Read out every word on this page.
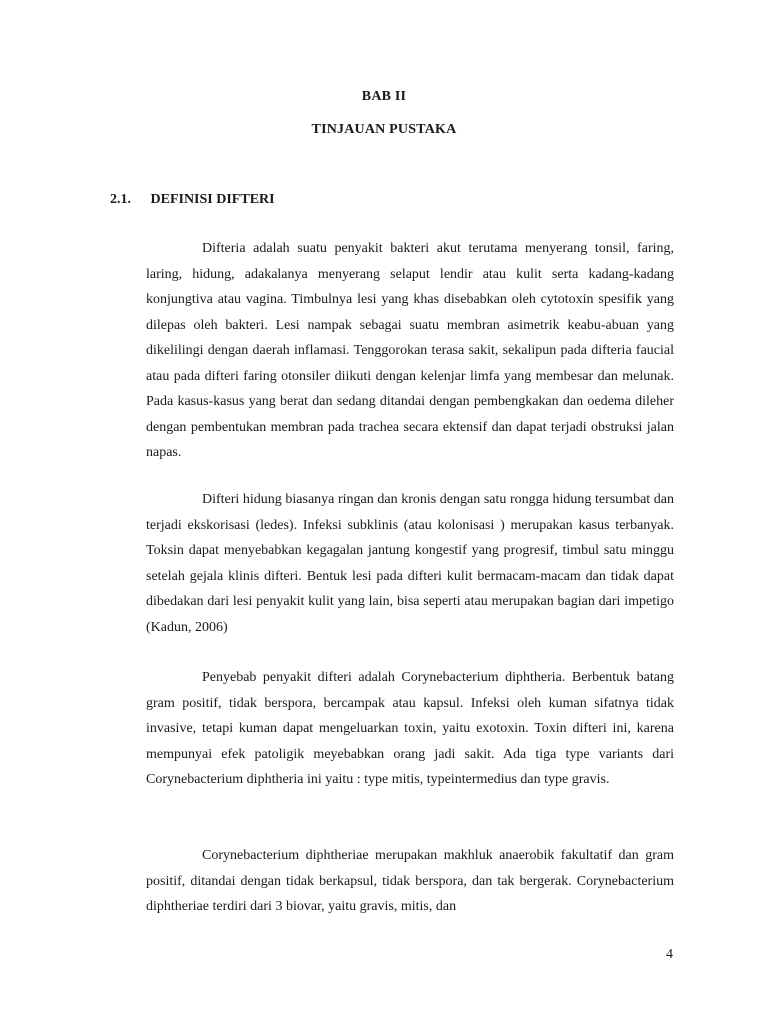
BAB II
TINJAUAN PUSTAKA
2.1. DEFINISI DIFTERI

Difteria adalah suatu penyakit bakteri akut terutama menyerang tonsil, faring, laring, hidung, adakalanya menyerang selaput lendir atau kulit serta kadang-kadang konjungtiva atau vagina. Timbulnya lesi yang khas disebabkan oleh cytotoxin spesifik yang dilepas oleh bakteri. Lesi nampak sebagai suatu membran asimetrik keabu-abuan yang dikelilingi dengan daerah inflamasi. Tenggorokan terasa sakit, sekalipun pada difteria faucial atau pada difteri faring otonsiler diikuti dengan kelenjar limfa yang membesar dan melunak. Pada kasus-kasus yang berat dan sedang ditandai dengan pembengkakan dan oedema dileher dengan pembentukan membran pada trachea secara ektensif dan dapat terjadi obstruksi jalan napas.

Difteri hidung biasanya ringan dan kronis dengan satu rongga hidung tersumbat dan terjadi ekskorisasi (ledes). Infeksi subklinis (atau kolonisasi ) merupakan kasus terbanyak. Toksin dapat menyebabkan kegagalan jantung kongestif yang progresif, timbul satu minggu setelah gejala klinis difteri. Bentuk lesi pada difteri kulit bermacam-macam dan tidak dapat dibedakan dari lesi penyakit kulit yang lain, bisa seperti atau merupakan bagian dari impetigo (Kadun, 2006)

Penyebab penyakit difteri adalah Corynebacterium diphtheria. Berbentuk batang gram positif, tidak berspora, bercampak atau kapsul. Infeksi oleh kuman sifatnya tidak invasive, tetapi kuman dapat mengeluarkan toxin, yaitu exotoxin. Toxin difteri ini, karena mempunyai efek patoligik meyebabkan orang jadi sakit. Ada tiga type variants dari Corynebacterium diphtheria ini yaitu : type mitis, typeintermedius dan type gravis.

Corynebacterium diphtheriae merupakan makhluk anaerobik fakultatif dan gram positif, ditandai dengan tidak berkapsul, tidak berspora, dan tak bergerak. Corynebacterium diphtheriae terdiri dari 3 biovar, yaitu gravis, mitis, dan

4
